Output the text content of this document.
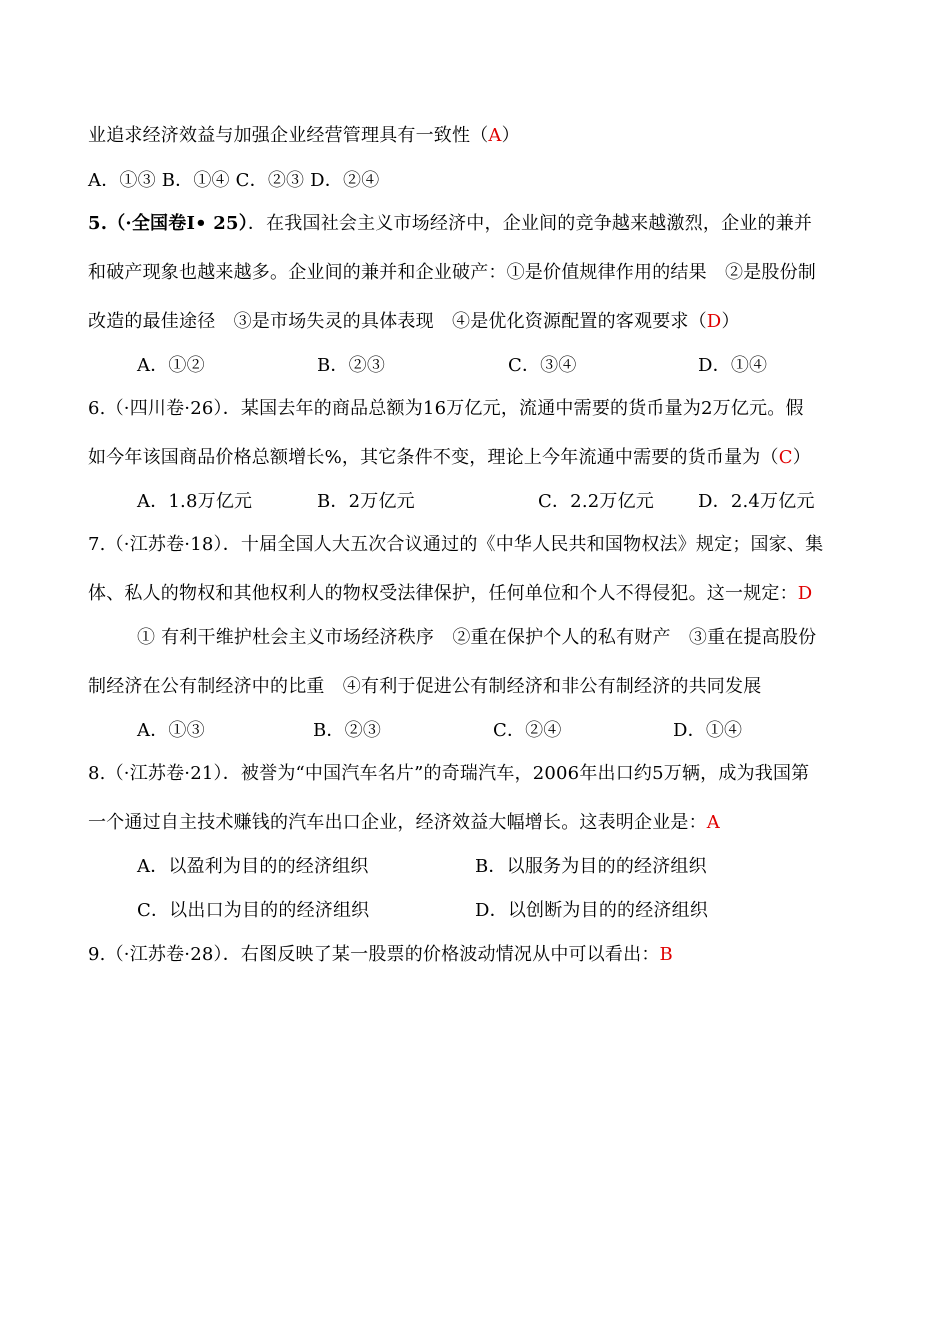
业追求经济效益与加强企业经营管理具有一致性（A）
A．①③ B．①④ C．②③ D．②④
5.（·全国卷Ⅰ• 25）．在我国社会主义市场经济中，企业间的竞争越来越激烈，企业的兼并
和破产现象也越来越多。企业间的兼并和企业破产：①是价值规律作用的结果　②是股份制
改造的最佳途径　③是市场失灵的具体表现　④是优化资源配置的客观要求（D）
A．①②	B．②③	C．③④	D．①④
6.（·四川卷·26）．某国去年的商品总额为16万亿元，流通中需要的货币量为2万亿元。假
如今年该国商品价格总额增长%，其它条件不变，理论上今年流通中需要的货币量为（C）
A．1.8万亿元	B．2万亿元	C．2.2万亿元 D．2.4万亿元
7.（·江苏卷·18）．十届全国人大五次合议通过的《中华人民共和国物权法》规定；国家、集
体、私人的物权和其他权利人的物权受法律保护，任何单位和个人不得侵犯。这一规定：D
① 有利干维护杜会主义市场经济秩序　②重在保护个人的私有财产　③重在提高股份
制经济在公有制经济中的比重　④有利于促进公有制经济和非公有制经济的共同发展
A．①③	B．②③	C．②④	D．①④
8.（·江苏卷·21）．被誉为“中国汽车名片”的奇瑞汽车，2006年出口约5万辆，成为我国第
一个通过自主技术赚钱的汽车出口企业，经济效益大幅增长。这表明企业是：A
A．以盈利为目的的经济组织	B．以服务为目的的经济组织
C．以出口为目的的经济组织	D．以创断为目的的经济组织
9.（·江苏卷·28）．右图反映了某一股票的价格波动情况从中可以看出：B
